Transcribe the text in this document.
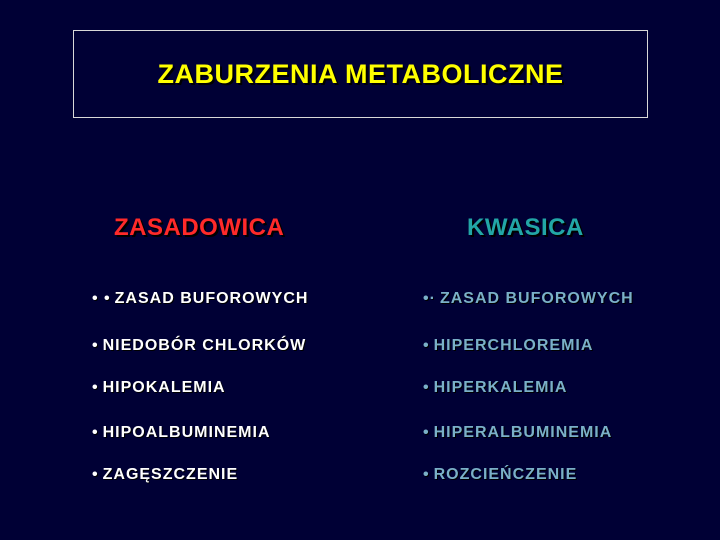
ZABURZENIA METABOLICZNE
ZASADOWICA	KWASICA
• • ZASAD BUFOROWYCH
• NIEDOBÓR CHLORKÓW
• HIPOKALEMIA
• HIPOALBUMINEMIA
• ZAGĘSZCZENIE
•· ZASAD BUFOROWYCH
• HIPERCHLOREMIA
• HIPERKALEMIA
• HIPERALBUMINEMIA
• ROZCIEŃCZENIE
